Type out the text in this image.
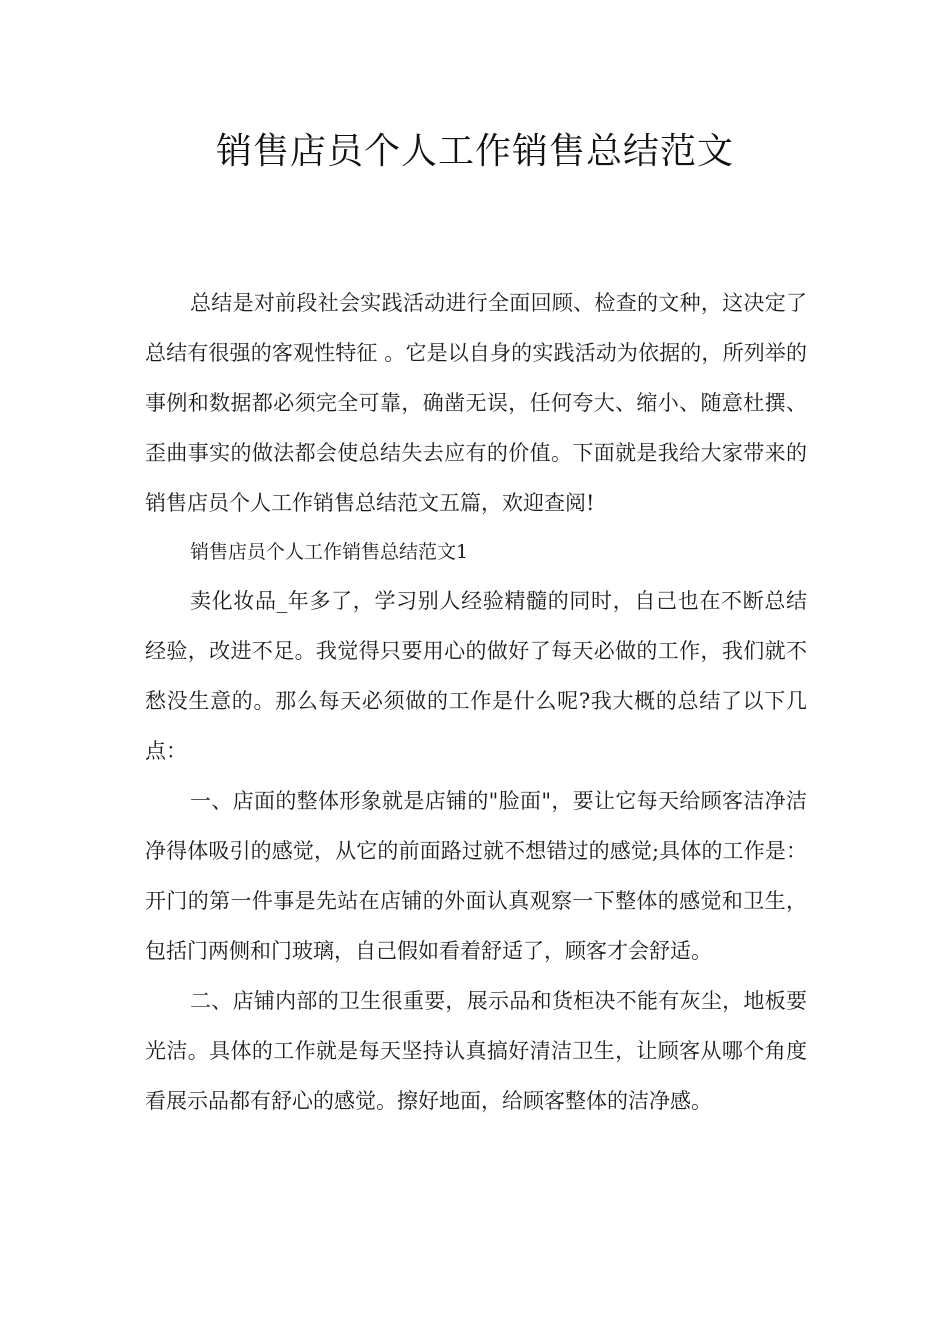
销售店员个人工作销售总结范文

总结是对前段社会实践活动进行全面回顾、检查的文种，这决定了总结有很强的客观性特征 。它是以自身的实践活动为依据的，所列举的事例和数据都必须完全可靠，确凿无误，任何夸大、缩小、随意杜撰、歪曲事实的做法都会使总结失去应有的价值。下面就是我给大家带来的销售店员个人工作销售总结范文五篇，欢迎查阅!

销售店员个人工作销售总结范文1

卖化妆品_年多了，学习别人经验精髓的同时，自己也在不断总结经验，改进不足。我觉得只要用心的做好了每天必做的工作，我们就不愁没生意的。那么每天必须做的工作是什么呢?我大概的总结了以下几点：

一、店面的整体形象就是店铺的"脸面"，要让它每天给顾客洁净洁净得体吸引的感觉，从它的前面路过就不想错过的感觉;具体的工作是：开门的第一件事是先站在店铺的外面认真观察一下整体的感觉和卫生，包括门两侧和门玻璃，自己假如看着舒适了，顾客才会舒适。

二、店铺内部的卫生很重要，展示品和货柜决不能有灰尘，地板要光洁。具体的工作就是每天坚持认真搞好清洁卫生，让顾客从哪个角度看展示品都有舒心的感觉。擦好地面，给顾客整体的洁净感。
